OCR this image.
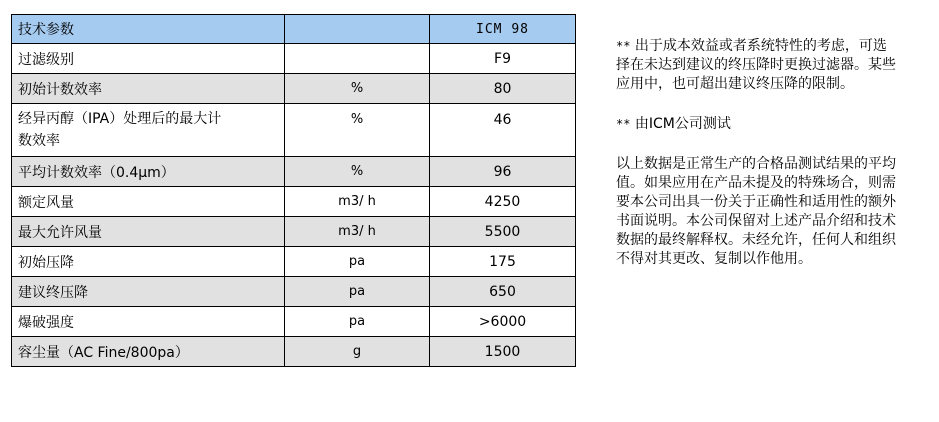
技术参数		ICM 98
过滤级别		F9
初始计数效率	%	80

经异丙醇（IPA）处理后的最大计
数效率	%	46
平均计数效率（0.4μm）	%	96
额定风量	m3/ h	4250
最大允许风量	m3/ h	5500
初始压降	pa	175
建议终压降	pa	650
爆破强度	pa	>6000
容尘量（AC Fine/800pa）	g	1500

** 出于成本效益或者系统特性的考虑，可选择在未达到建议的终压降时更换过滤器。某些应用中，也可超出建议终压降的限制。

** 由ICM公司测试

以上数据是正常生产的合格品测试结果的平均值。如果应用在产品未提及的特殊场合，则需要本公司出具一份关于正确性和适用性的额外书面说明。本公司保留对上述产品介绍和技术数据的最终解释权。未经允许，任何人和组织不得对其更改、复制以作他用。
